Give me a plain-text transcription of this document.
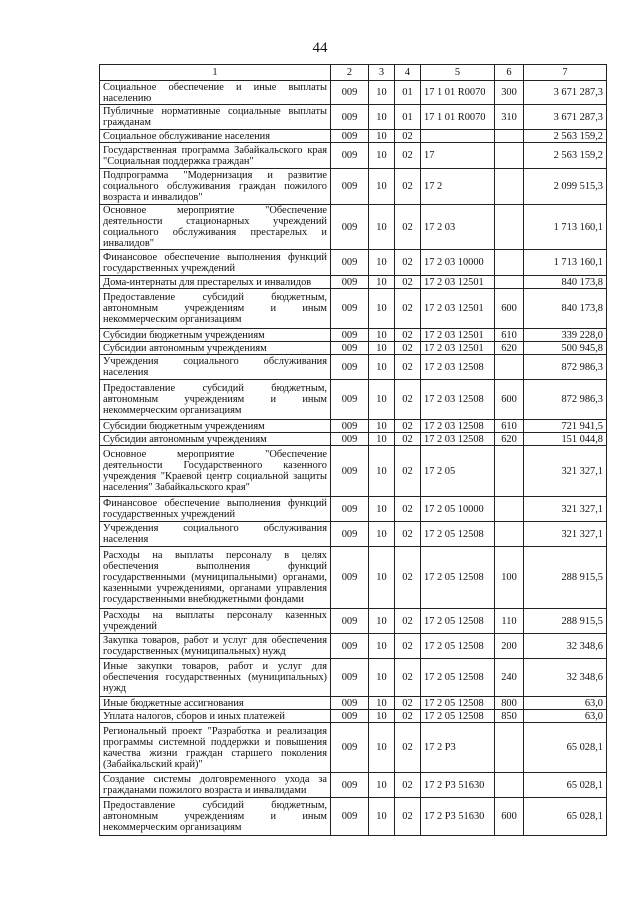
44
1	2	3	4	5	6	7
Социальное обеспечение и иные выплаты населению	009	10	01	17 1 01 R0070	300	3 671 287,3
Публичные нормативные социальные выплаты гражданам	009	10	01	17 1 01 R0070	310	3 671 287,3
Социальное обслуживание населения	009	10	02			2 563 159,2
Государственная программа Забайкальского края "Социальная поддержка граждан"	009	10	02	17		2 563 159,2
Подпрограмма "Модернизация и развитие социального обслуживания граждан пожилого возраста и инвалидов"	009	10	02	17 2		2 099 515,3
Основное мероприятие "Обеспечение деятельности стационарных учреждений социального обслуживания престарелых и инвалидов"	009	10	02	17 2 03		1 713 160,1
Финансовое обеспечение выполнения функций государственных учреждений	009	10	02	17 2 03 10000		1 713 160,1
Дома-интернаты для престарелых и инвалидов	009	10	02	17 2 03 12501		840 173,8
Предоставление субсидий бюджетным, автономным учреждениям и иным некоммерческим организациям	009	10	02	17 2 03 12501	600	840 173,8
Субсидии бюджетным учреждениям	009	10	02	17 2 03 12501	610	339 228,0
Субсидии автономным учреждениям	009	10	02	17 2 03 12501	620	500 945,8
Учреждения социального обслуживания населения	009	10	02	17 2 03 12508		872 986,3
Предоставление субсидий бюджетным, автономным учреждениям и иным некоммерческим организациям	009	10	02	17 2 03 12508	600	872 986,3
Субсидии бюджетным учреждениям	009	10	02	17 2 03 12508	610	721 941,5
Субсидии автономным учреждениям	009	10	02	17 2 03 12508	620	151 044,8
Основное мероприятие "Обеспечение деятельности Государственного казенного учреждения "Краевой центр социальной защиты населения" Забайкальского края"	009	10	02	17 2 05		321 327,1
Финансовое обеспечение выполнения функций государственных учреждений	009	10	02	17 2 05 10000		321 327,1
Учреждения социального обслуживания населения	009	10	02	17 2 05 12508		321 327,1
Расходы на выплаты персоналу в целях обеспечения выполнения функций государственными (муниципальными) органами, казенными учреждениями, органами управления государственными внебюджетными фондами	009	10	02	17 2 05 12508	100	288 915,5
Расходы на выплаты персоналу казенных учреждений	009	10	02	17 2 05 12508	110	288 915,5
Закупка товаров, работ и услуг для обеспечения государственных (муниципальных) нужд	009	10	02	17 2 05 12508	200	32 348,6
Иные закупки товаров, работ и услуг для обеспечения государственных (муниципальных) нужд	009	10	02	17 2 05 12508	240	32 348,6
Иные бюджетные ассигнования	009	10	02	17 2 05 12508	800	63,0
Уплата налогов, сборов и иных платежей	009	10	02	17 2 05 12508	850	63,0
Региональный проект "Разработка и реализация программы системной поддержки и повышения качества жизни граждан старшего поколения (Забайкальский край)"	009	10	02	17 2 P3		65 028,1
Создание системы долговременного ухода за гражданами пожилого возраста и инвалидами	009	10	02	17 2 P3 51630		65 028,1
Предоставление субсидий бюджетным, автономным учреждениям и иным некоммерческим организациям	009	10	02	17 2 P3 51630	600	65 028,1
